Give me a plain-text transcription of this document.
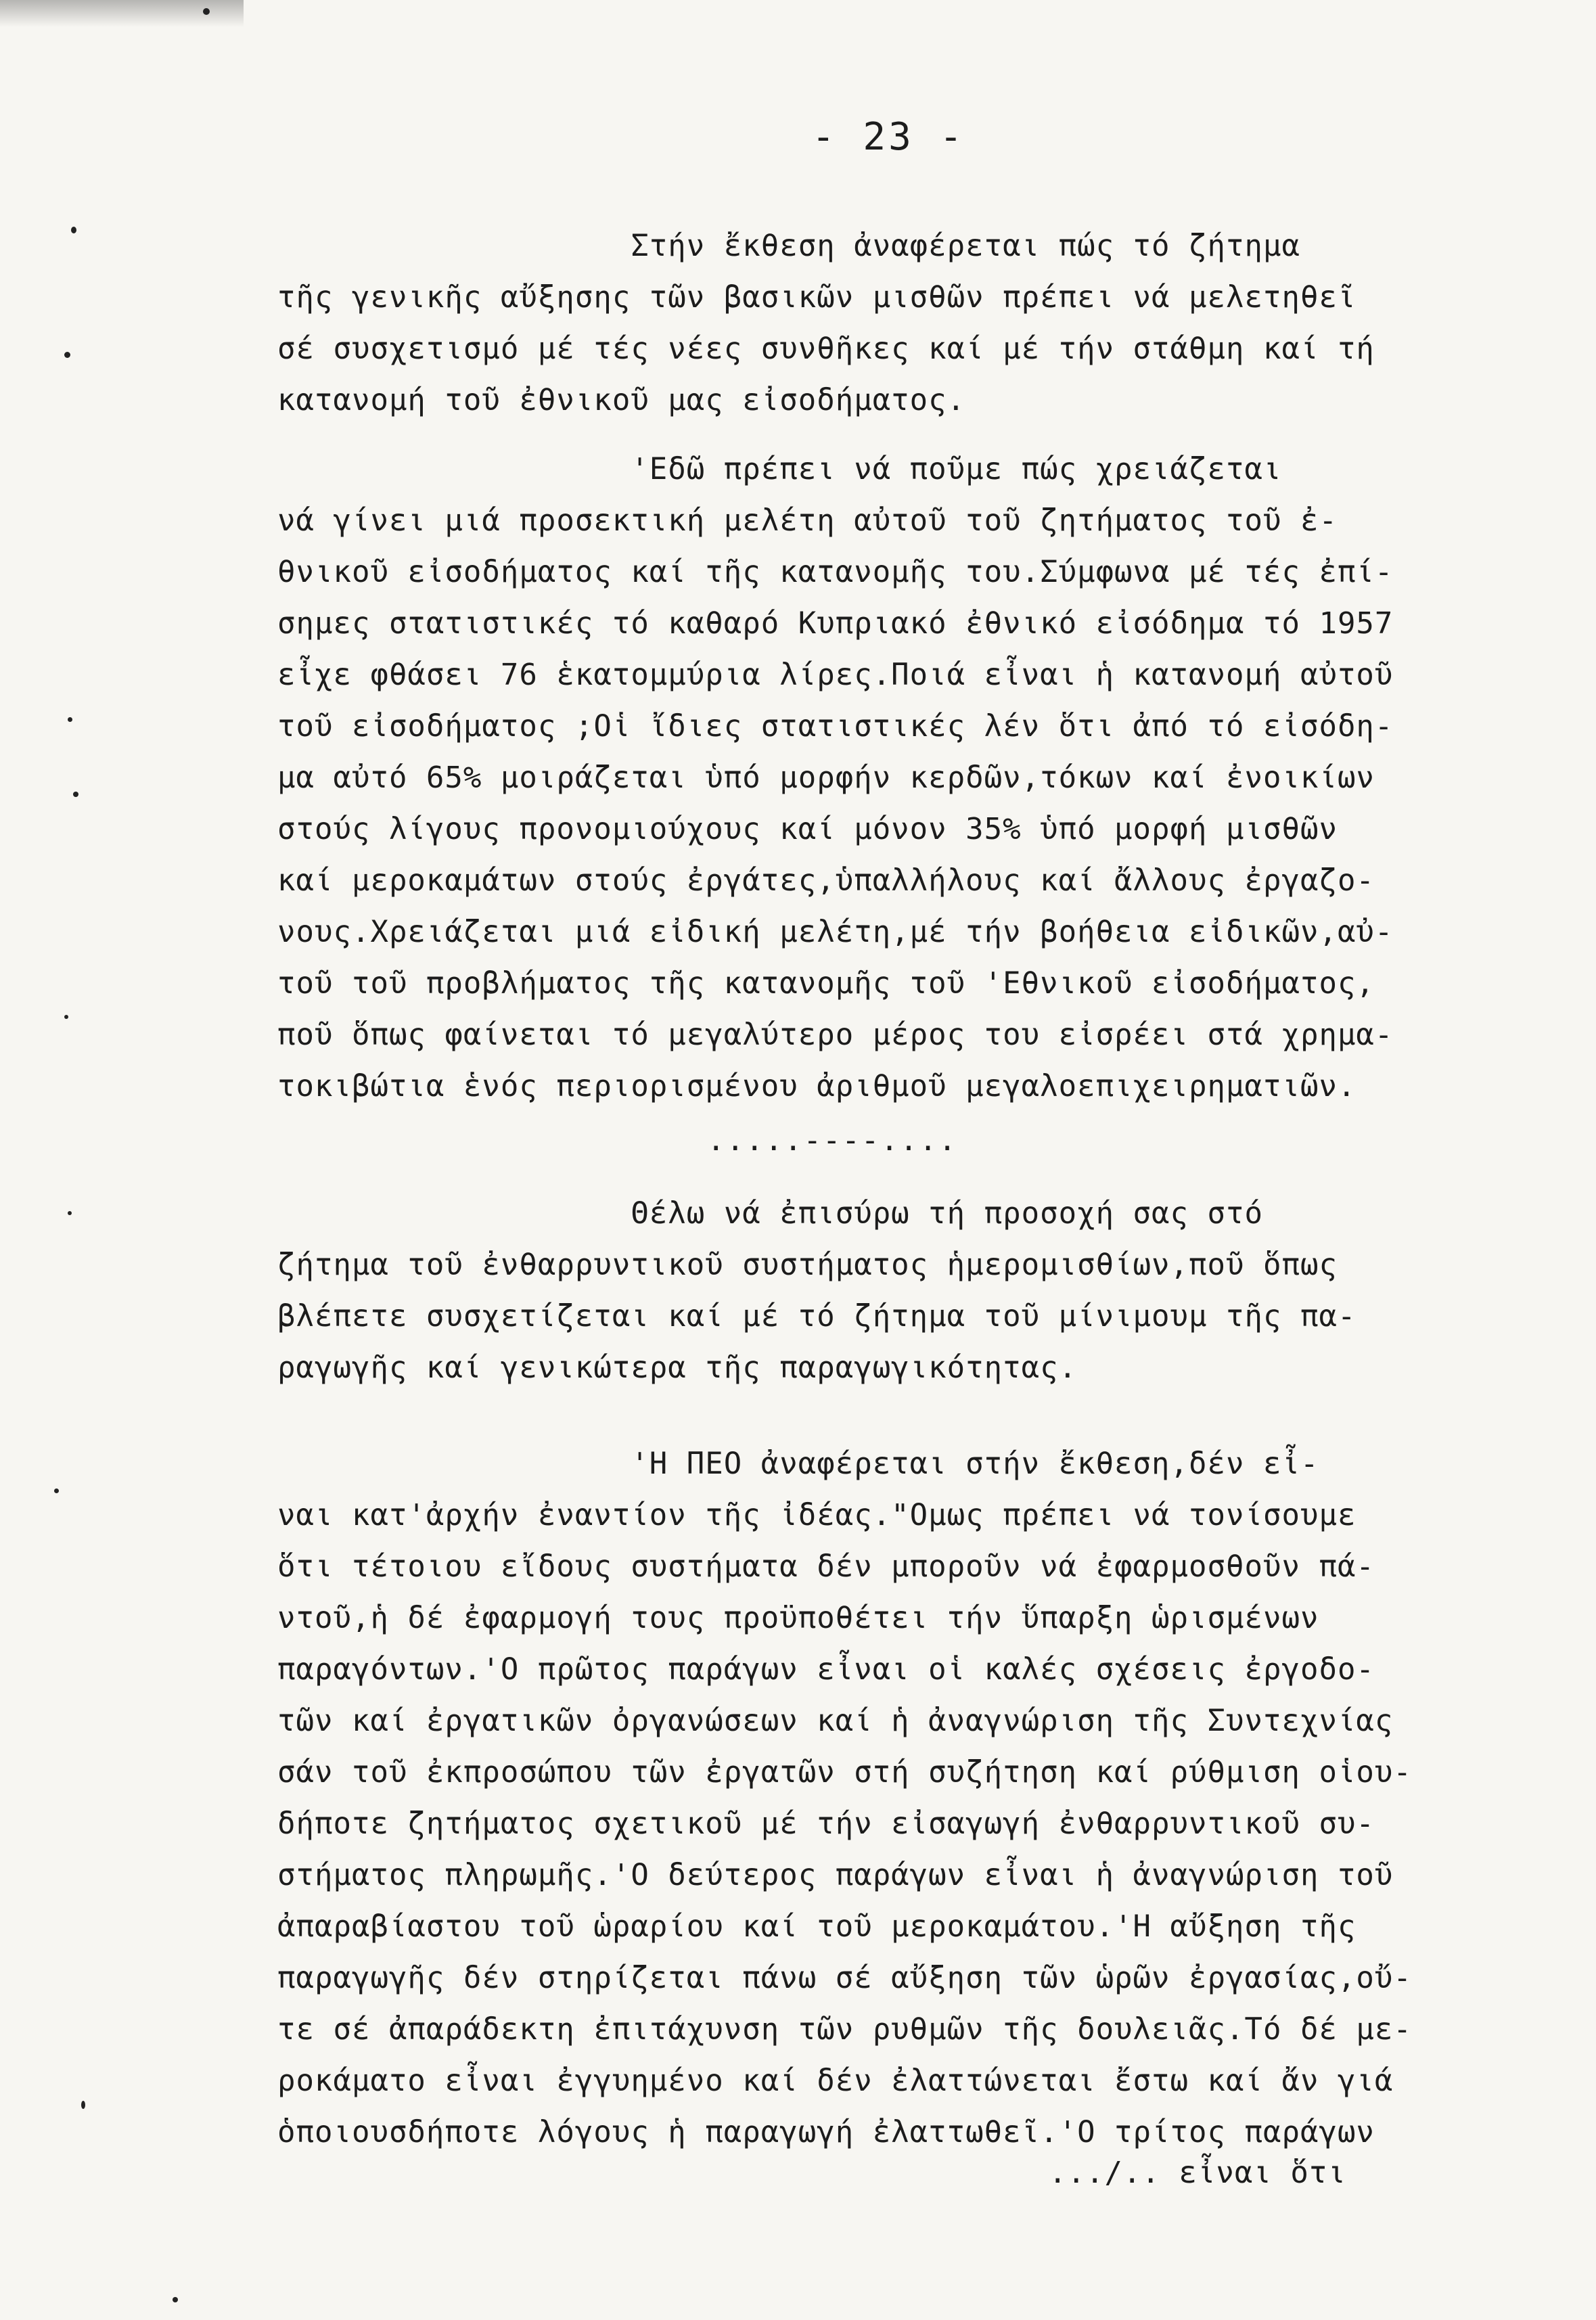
- 23 -
Στήν ἔκθεση ἀναφέρεται πώς τό ζήτημα
τῆς γενικῆς αὔξησης τῶν βασικῶν μισθῶν πρέπει νά μελετηθεῖ
σέ συσχετισμό μέ τές νέες συνθῆκες καί μέ τήν στάθμη καί τή
κατανομή τοῦ ἐθνικοῦ μας εἰσοδήματος.
'Εδῶ πρέπει νά ποῦμε πώς χρειάζεται
νά γίνει μιά προσεκτική μελέτη αὐτοῦ τοῦ ζητήματος τοῦ ἐ-
θνικοῦ εἰσοδήματος καί τῆς κατανομῆς του.Σύμφωνα μέ τές ἐπί-
σημες στατιστικές τό καθαρό Κυπριακό ἐθνικό εἰσόδημα τό 1957
εἶχε φθάσει 76 ἑκατομμύρια λίρες.Ποιά εἶναι ἡ κατανομή αὐτοῦ
τοῦ εἰσοδήματος ;Οἱ ἴδιες στατιστικές λέν ὅτι ἀπό τό εἰσόδη-
μα αὐτό 65% μοιράζεται ὑπό μορφήν κερδῶν,τόκων καί ἐνοικίων
στούς λίγους προνομιούχους καί μόνον 35% ὑπό μορφή μισθῶν
καί μεροκαμάτων στούς ἐργάτες,ὑπαλλήλους καί ἄλλους ἐργαζο-
νους.Χρειάζεται μιά εἰδική μελέτη,μέ τήν βοήθεια εἰδικῶν,αὐ-
τοῦ τοῦ προβλήματος τῆς κατανομῆς τοῦ 'Εθνικοῦ εἰσοδήματος,
ποῦ ὅπως φαίνεται τό μεγαλύτερο μέρος του εἰσρέει στά χρημα-
τοκιβώτια ἑνός περιορισμένου ἀριθμοῦ μεγαλοεπιχειρηματιῶν.
.....----....
Θέλω νά ἐπισύρω τή προσοχή σας στό
ζήτημα τοῦ ἐνθαρρυντικοῦ συστήματος ἡμερομισθίων,ποῦ ὅπως
βλέπετε συσχετίζεται καί μέ τό ζήτημα τοῦ μίνιμουμ τῆς πα-
ραγωγῆς καί γενικώτερα τῆς παραγωγικότητας.
'Η ΠΕΟ ἀναφέρεται στήν ἔκθεση,δέν εἶ-
ναι κατ'ἀρχήν ἐναντίον τῆς ἰδέας."Ομως πρέπει νά τονίσουμε
ὅτι τέτοιου εἴδους συστήματα δέν μποροῦν νά ἐφαρμοσθοῦν πά-
ντοῦ,ἡ δέ ἐφαρμογή τους προϋποθέτει τήν ὕπαρξη ὡρισμένων
παραγόντων.'Ο πρῶτος παράγων εἶναι οἱ καλές σχέσεις ἐργοδο-
τῶν καί ἐργατικῶν ὀργανώσεων καί ἡ ἀναγνώριση τῆς Συντεχνίας
σάν τοῦ ἐκπροσώπου τῶν ἐργατῶν στή συζήτηση καί ρύθμιση οἱου-
δήποτε ζητήματος σχετικοῦ μέ τήν εἰσαγωγή ἐνθαρρυντικοῦ συ-
στήματος πληρωμῆς.'Ο δεύτερος παράγων εἶναι ἡ ἀναγνώριση τοῦ
ἀπαραβίαστου τοῦ ὡραρίου καί τοῦ μεροκαμάτου.'Η αὔξηση τῆς
παραγωγῆς δέν στηρίζεται πάνω σέ αὔξηση τῶν ὡρῶν ἐργασίας,οὔ-
τε σέ ἀπαράδεκτη ἐπιτάχυνση τῶν ρυθμῶν τῆς δουλειᾶς.Τό δέ με-
ροκάματο εἶναι ἐγγυημένο καί δέν ἐλαττώνεται ἔστω καί ἄν γιά
ὁποιουσδήποτε λόγους ἡ παραγωγή ἐλαττωθεῖ.'Ο τρίτος παράγων
.../.. εἶναι ὅτι
